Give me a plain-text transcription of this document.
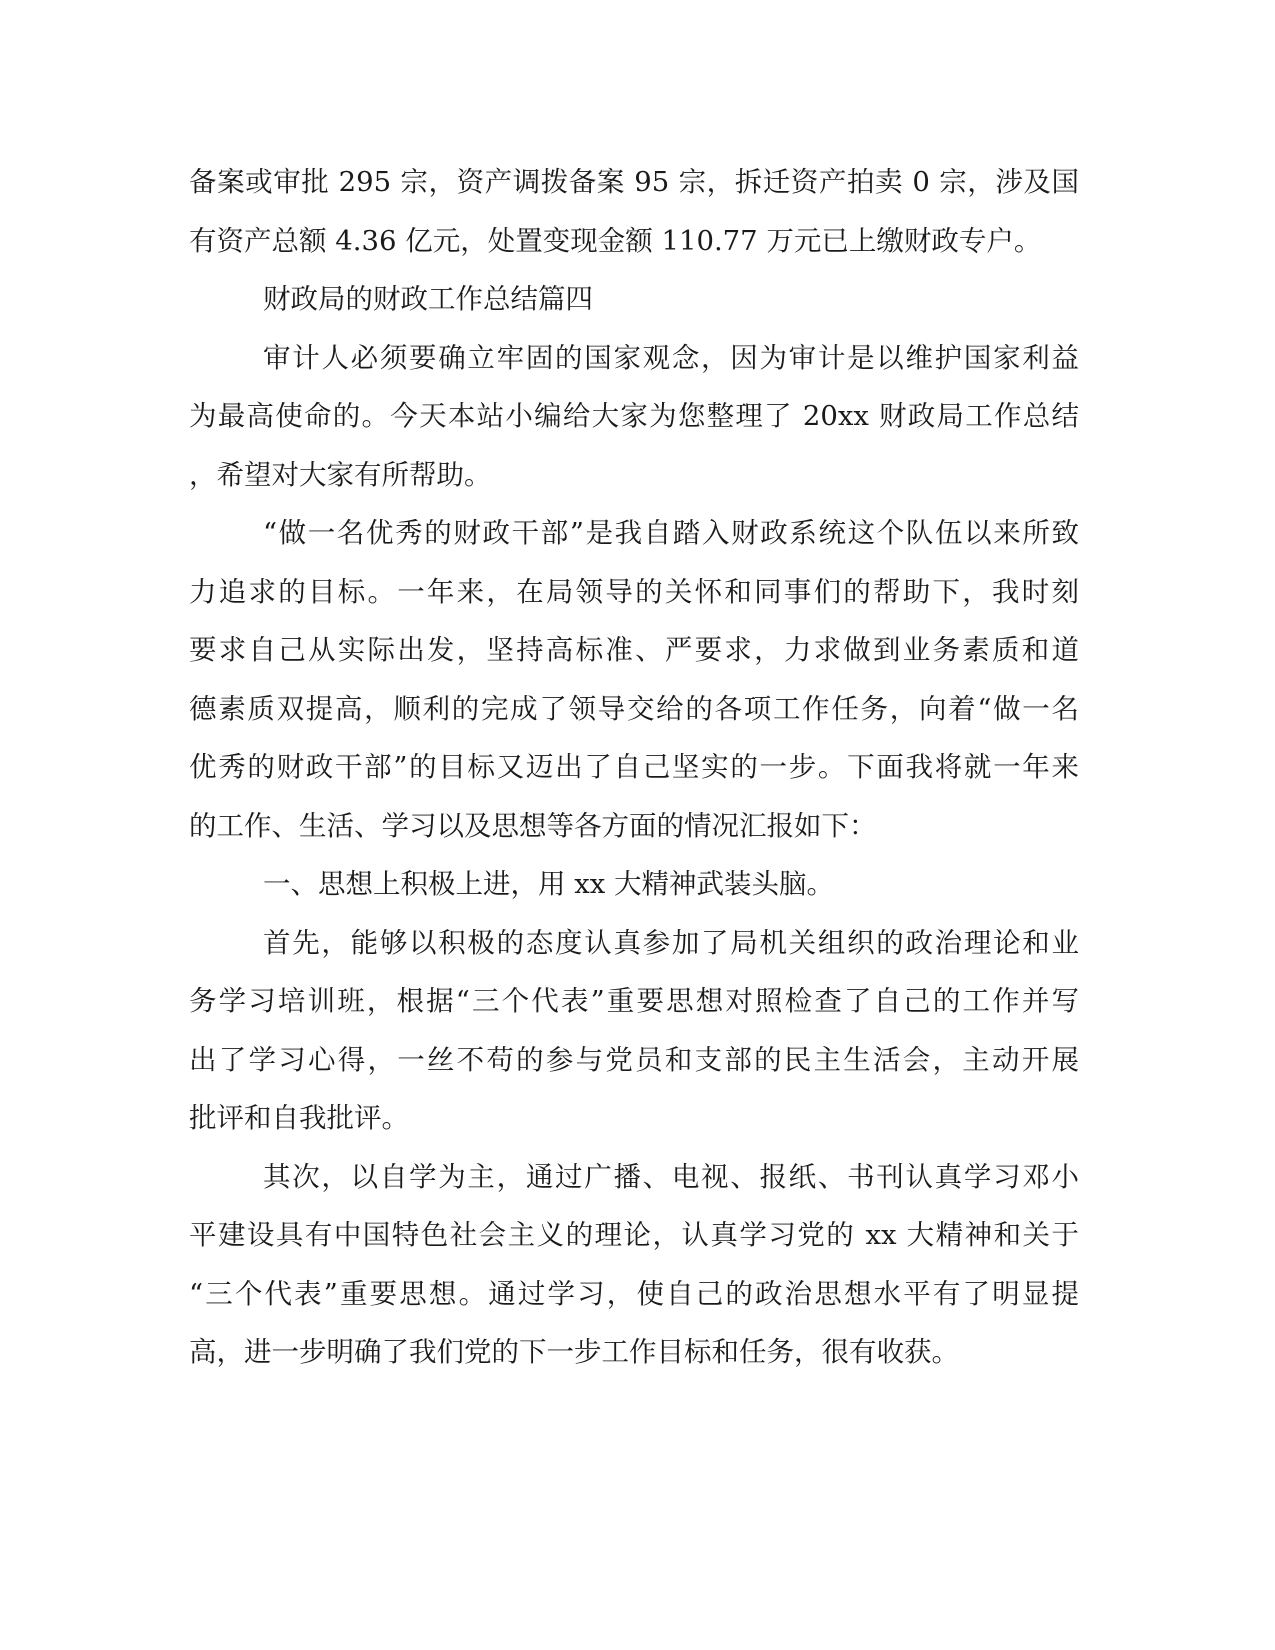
备案或审批 295 宗，资产调拨备案 95 宗，拆迁资产拍卖 0 宗，涉及国
有资产总额 4.36 亿元，处置变现金额 110.77 万元已上缴财政专户。
财政局的财政工作总结篇四
审计人必须要确立牢固的国家观念，因为审计是以维护国家利益
为最高使命的。今天本站小编给大家为您整理了 20xx 财政局工作总结
，希望对大家有所帮助。
“做一名优秀的财政干部”是我自踏入财政系统这个队伍以来所致
力追求的目标。一年来，在局领导的关怀和同事们的帮助下，我时刻
要求自己从实际出发，坚持高标准、严要求，力求做到业务素质和道
德素质双提高，顺利的完成了领导交给的各项工作任务，向着“做一名
优秀的财政干部”的目标又迈出了自己坚实的一步。下面我将就一年来
的工作、生活、学习以及思想等各方面的情况汇报如下：
一、思想上积极上进，用 xx 大精神武装头脑。
首先，能够以积极的态度认真参加了局机关组织的政治理论和业
务学习培训班，根据“三个代表”重要思想对照检查了自己的工作并写
出了学习心得，一丝不苟的参与党员和支部的民主生活会，主动开展
批评和自我批评。
其次，以自学为主，通过广播、电视、报纸、书刊认真学习邓小
平建设具有中国特色社会主义的理论，认真学习党的 xx 大精神和关于
“三个代表”重要思想。通过学习，使自己的政治思想水平有了明显提
高，进一步明确了我们党的下一步工作目标和任务，很有收获。
